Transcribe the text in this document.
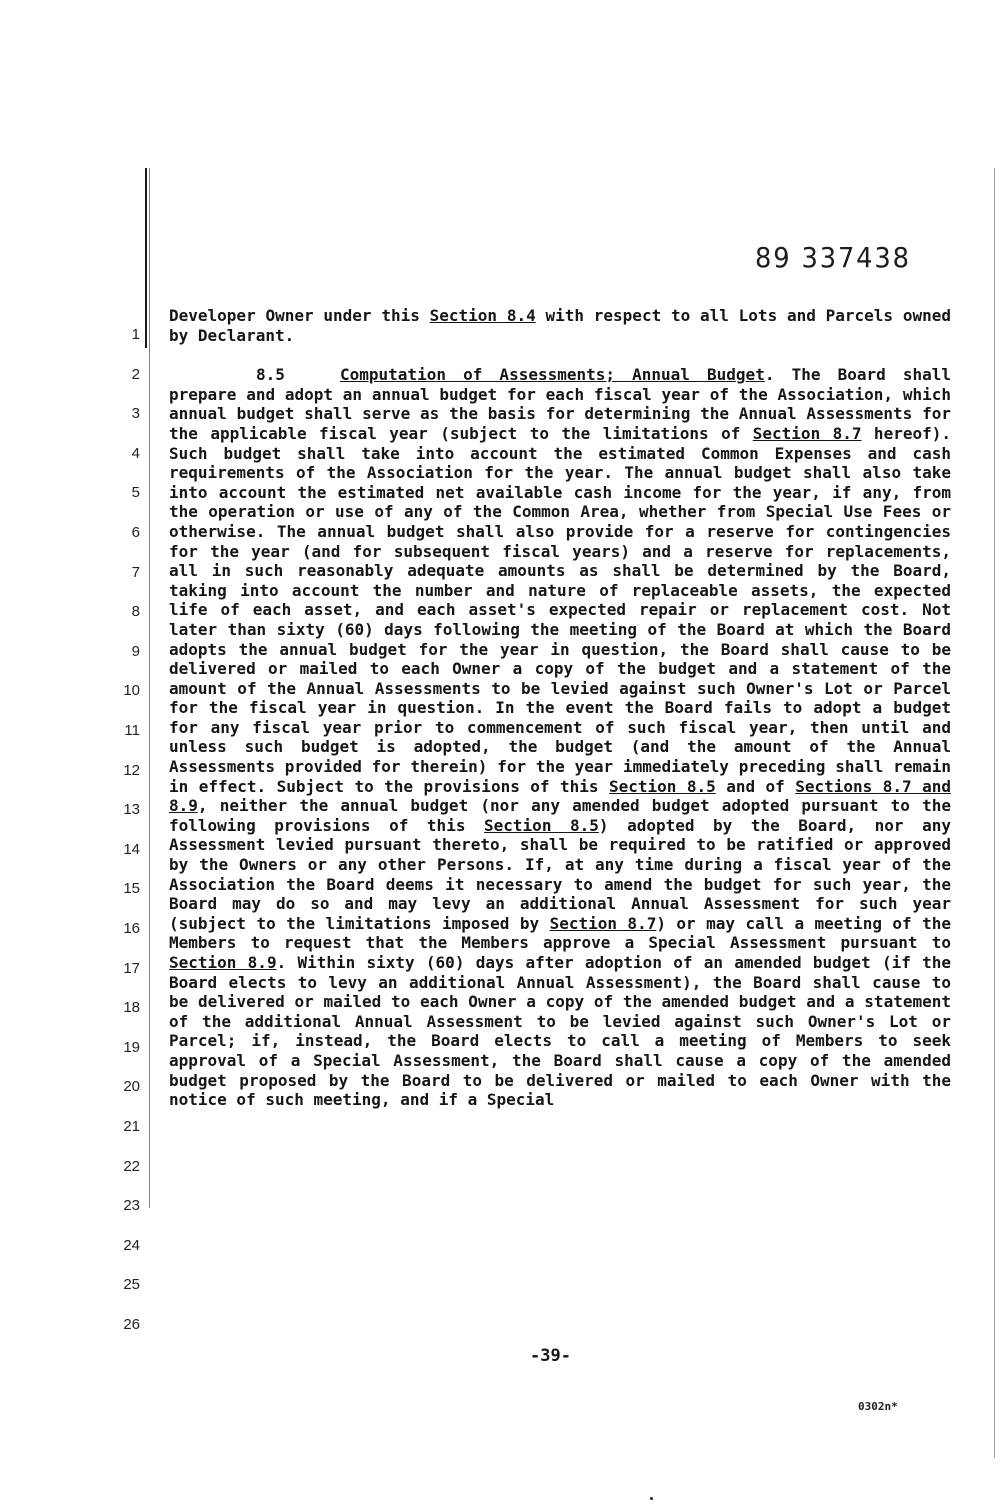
89 337438
1
2
3
4
5
6
7
8
9
10
11
12
13
14
15
16
17
18
19
20
21
22
23
24
25
26

Developer Owner under this Section 8.4 with respect to all Lots and Parcels owned by Declarant.

8.5	Computation of Assessments; Annual Budget. The Board shall prepare and adopt an annual budget for each fiscal year of the Association, which annual budget shall serve as the basis for determining the Annual Assessments for the applicable fiscal year (subject to the limitations of Section 8.7 hereof). Such budget shall take into account the estimated Common Expenses and cash requirements of the Association for the year. The annual budget shall also take into account the estimated net available cash income for the year, if any, from the operation or use of any of the Common Area, whether from Special Use Fees or otherwise. The annual budget shall also provide for a reserve for contingencies for the year (and for subsequent fiscal years) and a reserve for replacements, all in such reasonably adequate amounts as shall be determined by the Board, taking into account the number and nature of replaceable assets, the expected life of each asset, and each asset's expected repair or replacement cost. Not later than sixty (60) days following the meeting of the Board at which the Board adopts the annual budget for the year in question, the Board shall cause to be delivered or mailed to each Owner a copy of the budget and a statement of the amount of the Annual Assessments to be levied against such Owner's Lot or Parcel for the fiscal year in question. In the event the Board fails to adopt a budget for any fiscal year prior to commencement of such fiscal year, then until and unless such budget is adopted, the budget (and the amount of the Annual Assessments provided for therein) for the year immediately preceding shall remain in effect. Subject to the provisions of this Section 8.5 and of Sections 8.7 and 8.9, neither the annual budget (nor any amended budget adopted pursuant to the following provisions of this Section 8.5) adopted by the Board, nor any Assessment levied pursuant thereto, shall be required to be ratified or approved by the Owners or any other Persons. If, at any time during a fiscal year of the Association the Board deems it necessary to amend the budget for such year, the Board may do so and may levy an additional Annual Assessment for such year (subject to the limitations imposed by Section 8.7) or may call a meeting of the Members to request that the Members approve a Special Assessment pursuant to Section 8.9. Within sixty (60) days after adoption of an amended budget (if the Board elects to levy an additional Annual Assessment), the Board shall cause to be delivered or mailed to each Owner a copy of the amended budget and a statement of the additional Annual Assessment to be levied against such Owner's Lot or Parcel; if, instead, the Board elects to call a meeting of Members to seek approval of a Special Assessment, the Board shall cause a copy of the amended budget proposed by the Board to be delivered or mailed to each Owner with the notice of such meeting, and if a Special

-39-
0302n*
